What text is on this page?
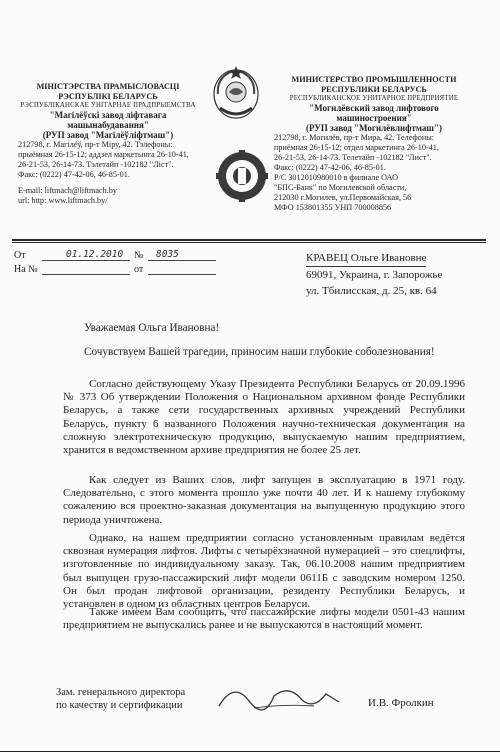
МІНІСТЭРСТВА ПРАМЫСЛОВАСЦІ
РЭСПУБЛІКІ БЕЛАРУСЬ
РЭСПУБЛІКАНСКАЕ УНІТАРНАЕ ПРАДПРЫЕМСТВА
"Магілёўскі завод ліфтавага
машынабудавання"
(РУП завод "Магілёўліфтмаш")
212798, г. Магілёў, пр-т Міру, 42. Тэлефоны:
прыёмная 26-15-12; аддзел маркетынга 26-10-41,
26-21-53, 26-14-73. Тэлетайп -102182 "Ліст".
Факс: (0222) 47-42-06, 46-85-01.
E-mail: liftmach@liftmach.by
url: http: www.liftmach.by/
МИНИСТЕРСТВО ПРОМЫШЛЕННОСТИ
РЕСПУБЛИКИ БЕЛАРУСЬ
РЕСПУБЛИКАНСКОЕ УНИТАРНОЕ ПРЕДПРИЯТИЕ
"Могилёвский завод лифтового
машиностроения"
(РУП завод "Могилёвлифтмаш")
212798, г. Могилёв, пр-т Мира, 42. Телефоны:
приёмная 26-15-12; отдел маркетинга 26-10-41,
26-21-53, 26-14-73. Телетайп -102182 "Лист".
Факс: (0222) 47-42-06, 46-85-01.
Р/С 3012010980010 в филиале ОАО
"БПС-Банк" по Могилевской области,
212030 г.Могилев, ул.Первомайская, 56
МФО 153801355 УНП 700008856
От	01.12.2010 № 8035
На №	от
КРАВЕЦ Ольге Ивановне
69091, Украина, г. Запорожье
ул. Тбилисская, д. 25, кв. 64
Уважаемая Ольга Ивановна!
Сочувствуем Вашей трагедии, приносим наши глубокие соболезнования!

Согласно действующему Указу Президента Республики Беларусь от 20.09.1996 № 373 Об утверждении Положения о Национальном архивном фонде Республики Беларусь, а также сети государственных архивных учреждений Республики Беларусь, пункту 6 названного Положения научно-техническая документация на сложную электротехническую продукцию, выпускаемую нашим предприятием, хранится в ведомственном архиве предприятия не более 25 лет.

Как следует из Ваших слов, лифт запущен в эксплуатацию в 1971 году. Следовательно, с этого момента прошло уже почти 40 лет. И к нашему глубокому сожалению вся проектно-заказная документация на выпущенную продукцию этого периода уничтожена.

Однако, на нашем предприятии согласно установленным правилам ведётся сквозная нумерация лифтов. Лифты с четырёхзначной нумерацией – это спецлифты, изготовленные по индивидуальному заказу. Так, 06.10.2008 нашим предприятием был выпущен грузо-пассажирский лифт модели 0611Б с заводским номером 1250. Он был продан лифтовой организации, резиденту Республики Беларусь, и установлен в одном из областных центров Беларуси.

Также имеем Вам сообщить, что пассажирские лифты модели 0501-43 нашим предприятием не выпускались ранее и не выпускаются в настоящий момент.

Зам. генерального директора
по качеству и сертификации	И.В. Фролкин
